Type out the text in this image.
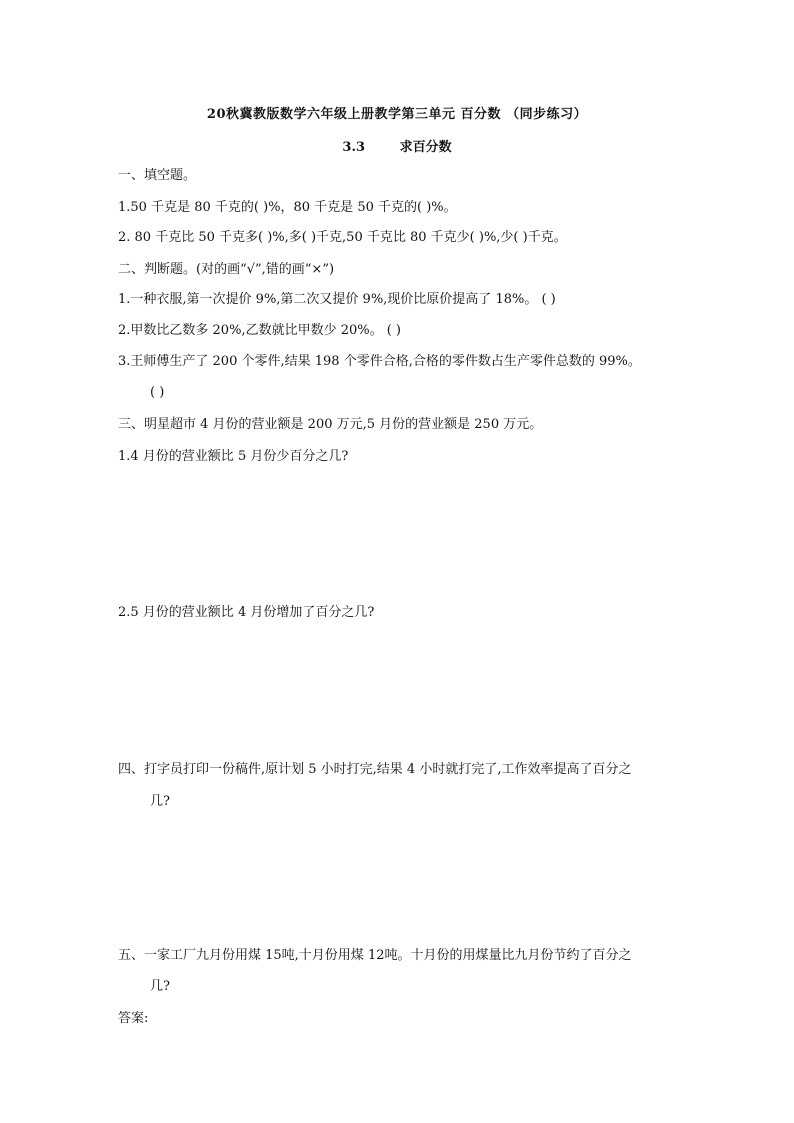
20秋冀教版数学六年级上册教学第三单元 百分数 （同步练习）
3.3	求百分数
一、填空题。
1.50 千克是 80 千克的( )%，80 千克是 50 千克的( )%。
2. 80 千克比 50 千克多( )%,多( )千克,50 千克比 80 千克少( )%,少( )千克。
二、判断题。(对的画“√”,错的画“×”)
1.一种衣服,第一次提价 9%,第二次又提价 9%,现价比原价提高了 18%。 ( )
2.甲数比乙数多 20%,乙数就比甲数少 20%。 ( )
3.王师傅生产了 200 个零件,结果 198 个零件合格,合格的零件数占生产零件总数的 99%。
( )
三、明星超市 4 月份的营业额是 200 万元,5 月份的营业额是 250 万元。
1.4 月份的营业额比 5 月份少百分之几?
2.5 月份的营业额比 4 月份增加了百分之几?
四、打字员打印一份稿件,原计划 5 小时打完,结果 4 小时就打完了,工作效率提高了百分之
几?
五、一家工厂九月份用煤 15吨,十月份用煤 12吨。十月份的用煤量比九月份节约了百分之
几?
答案:
